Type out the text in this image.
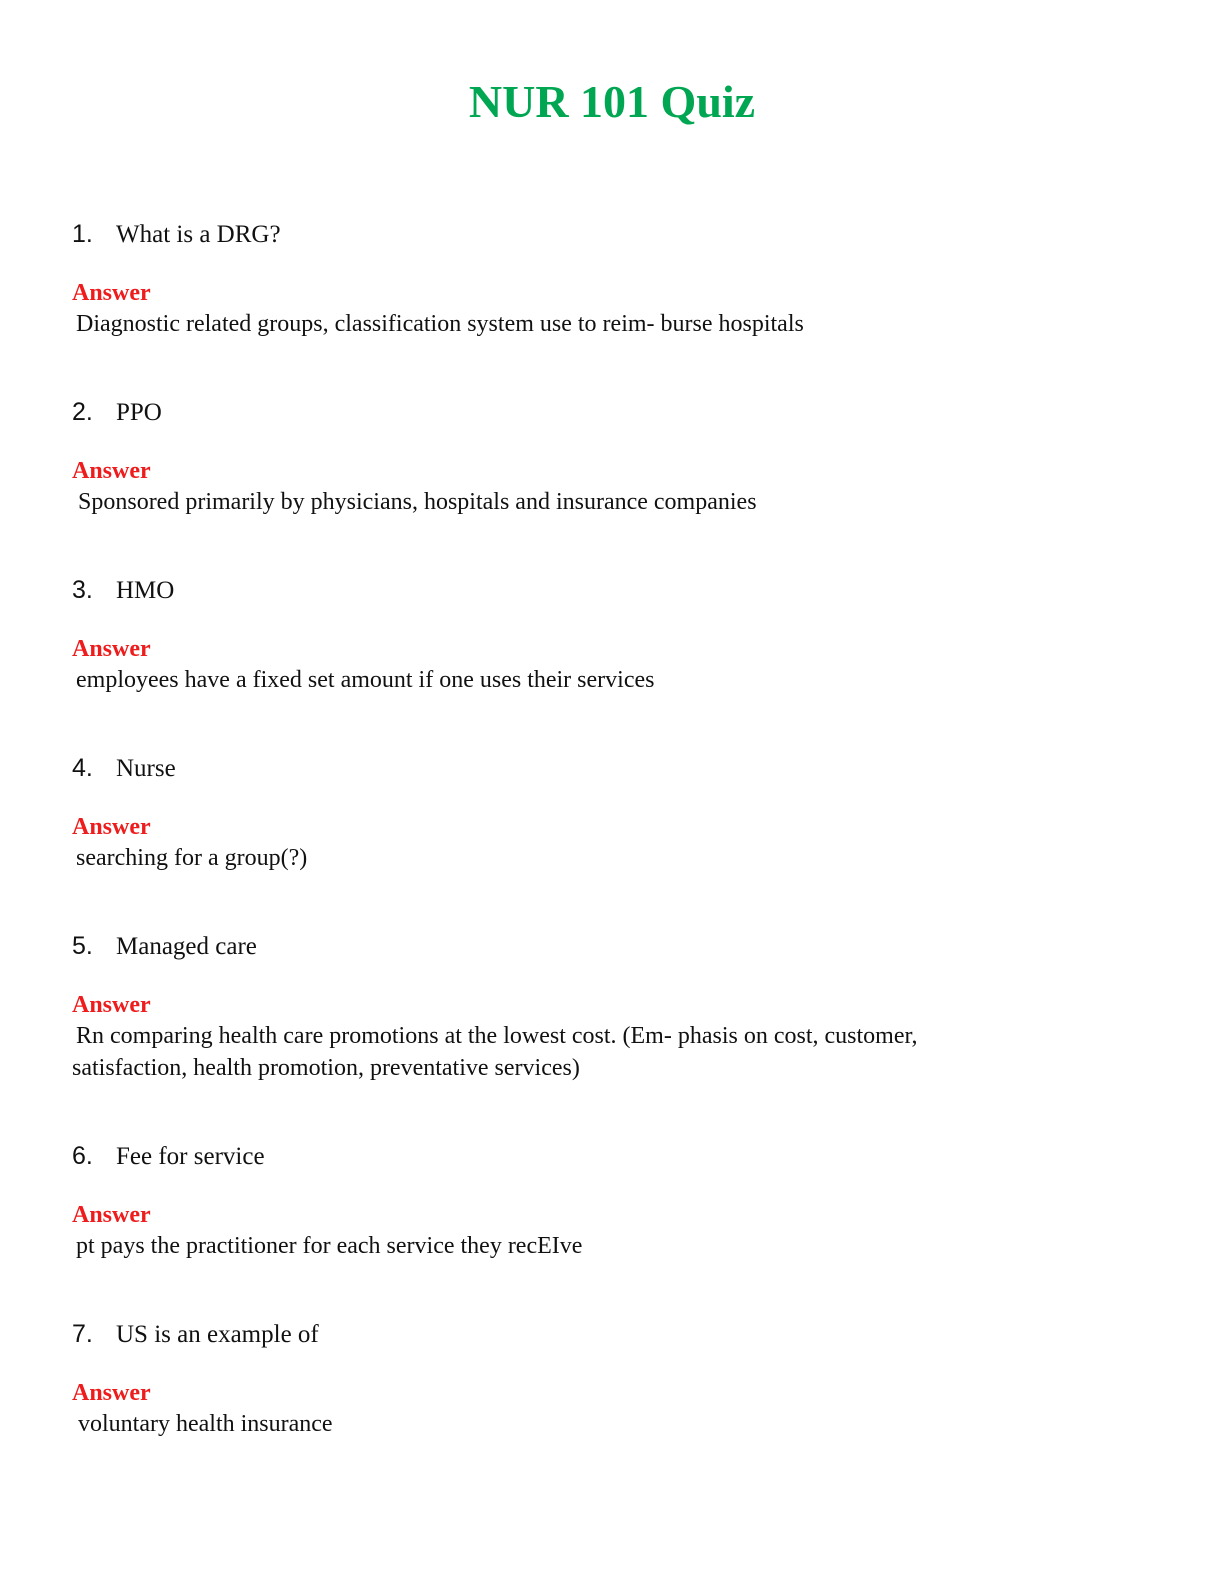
NUR 101 Quiz
1. What is a DRG?
Answer
Diagnostic related groups, classification system use to reim- burse hospitals
2. PPO
Answer
Sponsored primarily by physicians, hospitals and insurance companies
3. HMO
Answer
employees have a fixed set amount if one uses their services
4. Nurse
Answer
searching for a group(?)
5. Managed care
Answer
Rn comparing health care promotions at the lowest cost. (Em- phasis on cost, customer,
satisfaction, health promotion, preventative services)
6. Fee for service
Answer
pt pays the practitioner for each service they recEIve
7. US is an example of
Answer
voluntary health insurance
